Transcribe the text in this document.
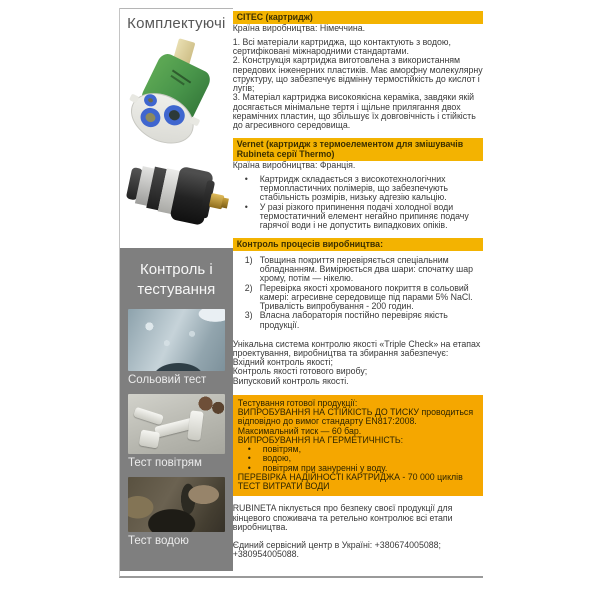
Комплектуючі
Контроль і тестування
Сольовий тест
Тест повітрям
Тест водою
CITEC (картридж)
Країна виробництва: Німеччина.
1. Всі матеріали картриджа, що контактують з водою, сертифіковані міжнародними стандартами.
2. Конструкція картриджа виготовлена з використанням передових інженерних пластиків. Має аморфну молекулярну структуру, що забезпечує відмінну термостійкість до кислот і лугів;
3. Матеріал картриджа високоякісна кераміка, завдяки якій досягається мінімальне тертя і щільне прилягання двох керамічних пластин, що збільшує їх довговічність і стійкість до агресивного середовища.
Vernet (картридж з термоелементом для змішувачів Rubineta серії Thermo)
Країна виробництва: Франція.
•	Картридж складається з високотехнологічних термопластичних полімерів, що забезпечують стабільність розмірів, низьку адгезію кальцію.
•	У разі різкого припинення подачі холодної води термостатичний елемент негайно припиняє подачу гарячої води і не допустить випадкових опіків.
Контроль процесів виробництва:
1) Товщина покриття перевіряється спеціальним обладнанням. Вимірюється два шари: спочатку шар хрому, потім — нікелю.
2) Перевірка якості хромованого покриття в сольовий камері: агресивне середовище під парами 5% NaCl. Тривалість випробування - 200 годин.
3) Власна лабораторія постійно перевіряє якість продукції.
Унікальна система контролю якості «Triple Check» на етапах проектування, виробництва та збирання забезпечує:
Вхідний контроль якості;
Контроль якості готового виробу;
Випусковий контроль якості.
Тестування готової продукції:
ВИПРОБУВАННЯ НА СТІЙКІСТЬ ДО ТИСКУ проводиться відповідно до вимог стандарту EN817:2008. Максимальний тиск — 60 бар.
ВИПРОБУВАННЯ НА ГЕРМЕТИЧНІСТЬ:
•	повітрям,
•	водою,
•	повітрям при зануренні у воду.
ПЕРЕВІРКА НАДІЙНОСТІ КАРТРИДЖА - 70 000 циклів
ТЕСТ ВИТРАТИ ВОДИ
RUBINETA піклується про безпеку своєї продукції для кінцевого споживача та ретельно контролює всі етапи виробництва.
Єдиний сервісний центр в Україні: +380674005088; +380954005088.
